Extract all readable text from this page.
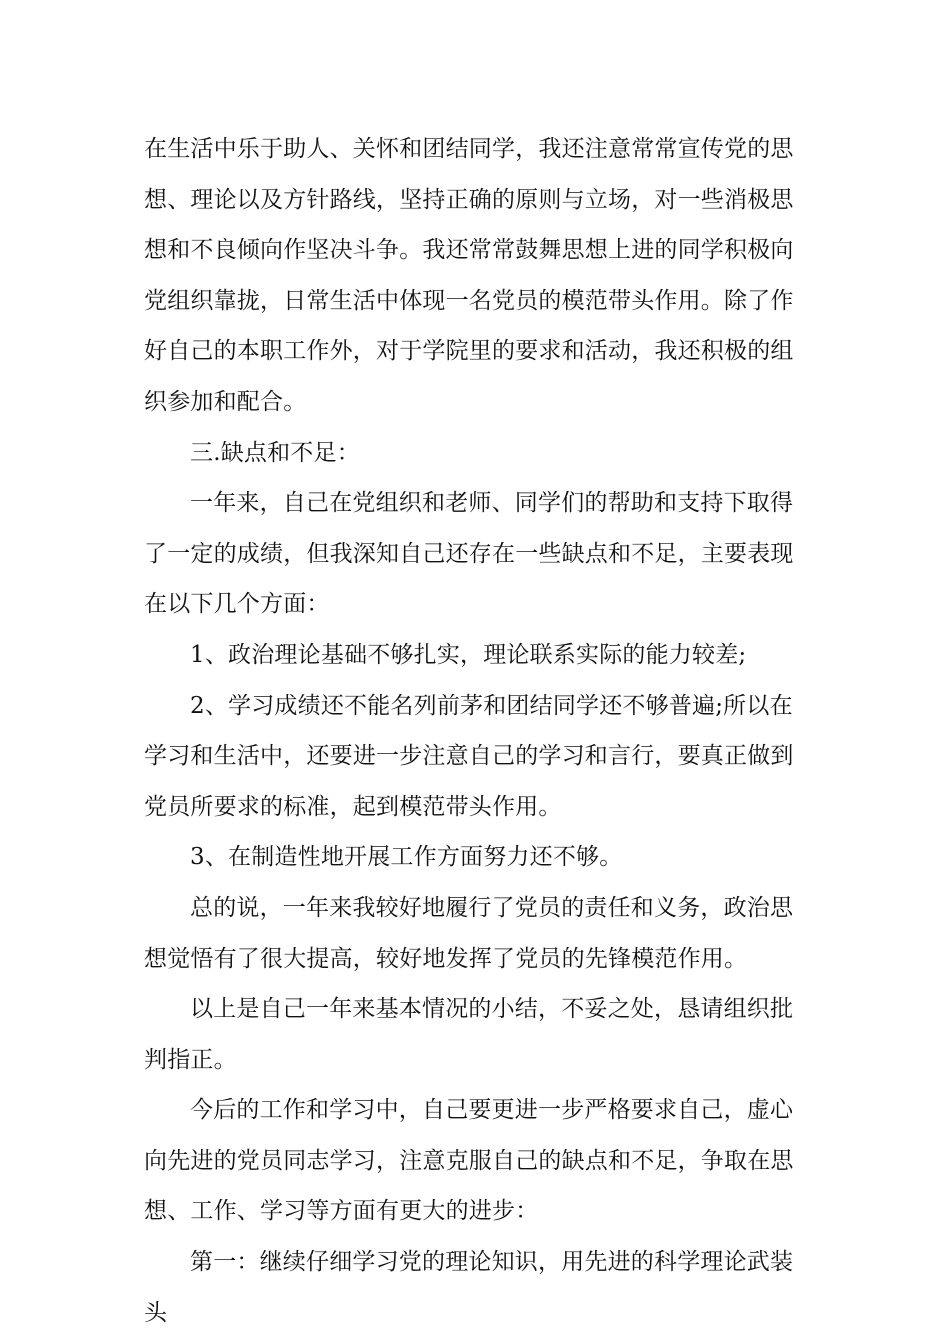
在生活中乐于助人、关怀和团结同学，我还注意常常宣传党的思想、理论以及方针路线，坚持正确的原则与立场，对一些消极思想和不良倾向作坚决斗争。我还常常鼓舞思想上进的同学积极向党组织靠拢，日常生活中体现一名党员的模范带头作用。除了作好自己的本职工作外，对于学院里的要求和活动，我还积极的组织参加和配合。

三.缺点和不足：

一年来，自己在党组织和老师、同学们的帮助和支持下取得了一定的成绩，但我深知自己还存在一些缺点和不足，主要表现在以下几个方面：

1、政治理论基础不够扎实，理论联系实际的能力较差;

2、学习成绩还不能名列前茅和团结同学还不够普遍;所以在学习和生活中，还要进一步注意自己的学习和言行，要真正做到党员所要求的标准，起到模范带头作用。

3、在制造性地开展工作方面努力还不够。

总的说，一年来我较好地履行了党员的责任和义务，政治思想觉悟有了很大提高，较好地发挥了党员的先锋模范作用。

以上是自己一年来基本情况的小结，不妥之处，恳请组织批判指正。

今后的工作和学习中，自己要更进一步严格要求自己，虚心向先进的党员同志学习，注意克服自己的缺点和不足，争取在思想、工作、学习等方面有更大的进步：

第一：继续仔细学习党的理论知识，用先进的科学理论武装头
